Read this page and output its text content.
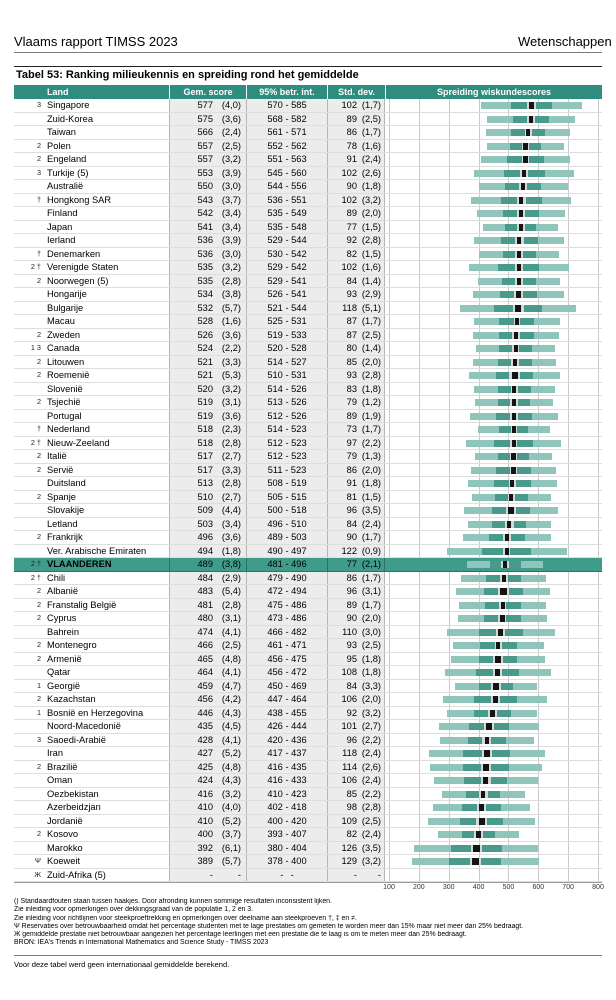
Vlaams rapport TIMSS 2023	Wetenschappen
Tabel 53: Ranking milieukennis en spreiding rond het gemiddelde
Land	Gem. score	95% betr. int.	Std. dev.	Spreiding wiskundescores
3 Singapore	577 (4,0)	570 - 585	102 (1,7)
Zuid-Korea	575 (3,6)	568 - 582	89 (2,5)
Taiwan	566 (2,4)	561 - 571	86 (1,7)
2 Polen	557 (2,5)	552 - 562	78 (1,6)
2 Engeland	557 (3,2)	551 - 563	91 (2,4)
3 Turkije (5)	553 (3,9)	545 - 560	102 (2,6)
Australië	550 (3,0)	544 - 556	90 (1,8)
† Hongkong SAR	543 (3,7)	536 - 551	102 (3,2)
Finland	542 (3,4)	535 - 549	89 (2,0)
Japan	541 (3,4)	535 - 548	77 (1,5)
Ierland	536 (3,9)	529 - 544	92 (2,8)
† Denemarken	536 (3,0)	530 - 542	82 (1,5)
2 † Verenigde Staten	535 (3,2)	529 - 542	102 (1,6)
2 Noorwegen (5)	535 (2,8)	529 - 541	84 (1,4)
Hongarije	534 (3,8)	526 - 541	93 (2,9)
Bulgarije	532 (5,7)	521 - 544	118 (5,1)
Macau	528 (1,6)	525 - 531	87 (1,7)
2 Zweden	526 (3,6)	519 - 533	87 (2,5)
1 3 Canada	524 (2,2)	520 - 528	80 (1,4)
2 Litouwen	521 (3,3)	514 - 527	85 (2,0)
2 Roemenië	521 (5,3)	510 - 531	93 (2,8)
Slovenië	520 (3,2)	514 - 526	83 (1,8)
2 Tsjechië	519 (3,1)	513 - 526	79 (1,2)
Portugal	519 (3,6)	512 - 526	89 (1,9)
† Nederland	518 (2,3)	514 - 523	73 (1,7)
2 † Nieuw-Zeeland	518 (2,8)	512 - 523	97 (2,2)
2 Italië	517 (2,7)	512 - 523	79 (1,3)
2 Servië	517 (3,3)	511 - 523	86 (2,0)
Duitsland	513 (2,8)	508 - 519	91 (1,8)
2 Spanje	510 (2,7)	505 - 515	81 (1,5)
Slovakije	509 (4,4)	500 - 518	96 (3,5)
Letland	503 (3,4)	496 - 510	84 (2,4)
2 Frankrijk	496 (3,6)	489 - 503	90 (1,7)
Ver. Arabische Emiraten	494 (1,8)	490 - 497	122 (0,9)
2 † VLAANDEREN	489 (3,8)	481 - 496	77 (2,1)
2 † Chili	484 (2,9)	479 - 490	86 (1,7)
2 Albanië	483 (5,4)	472 - 494	96 (3,1)
2 Franstalig België	481 (2,8)	475 - 486	89 (1,7)
2 Cyprus	480 (3,1)	473 - 486	90 (2,0)
Bahrein	474 (4,1)	466 - 482	110 (3,0)
2 Montenegro	466 (2,5)	461 - 471	93 (2,5)
2 Armenië	465 (4,8)	456 - 475	95 (1,8)
Qatar	464 (4,1)	456 - 472	108 (1,8)
1 Georgië	459 (4,7)	450 - 469	84 (3,3)
2 Kazachstan	456 (4,2)	447 - 464	106 (2,0)
1 Bosnië en Herzegovina	446 (4,3)	438 - 455	92 (3,2)
Noord-Macedonië	435 (4,5)	426 - 444	101 (2,7)
3 Saoedi-Arabië	428 (4,1)	420 - 436	96 (2,2)
Iran	427 (5,2)	417 - 437	118 (2,4)
2 Brazilië	425 (4,8)	416 - 435	114 (2,6)
Oman	424 (4,3)	416 - 433	106 (2,4)
Oezbekistan	416 (3,2)	410 - 423	85 (2,2)
Azerbeidzjan	410 (4,0)	402 - 418	98 (2,8)
Jordanië	410 (5,2)	400 - 420	109 (2,5)
2 Kosovo	400 (3,7)	393 - 407	82 (2,4)
Marokko	392 (6,1)	380 - 404	126 (3,5)
Ψ Koeweit	389 (5,7)	378 - 400	129 (3,2)
Ж Zuid-Afrika (5)	-	-	-  -	-	-
100	200	300	400	500	600	700	800
() Standaardfouten staan tussen haakjes. Door afronding kunnen sommige resultaten inconsistent lijken.
Zie inleiding voor opmerkingen over dekkingsgraad van de populatie 1, 2 en 3.
Zie inleiding voor richtlijnen voor steekproeftrekking en opmerkingen over deelname aan steekproeven †, ‡ en ≠.
Ψ Reservaties over betrouwbaarheid omdat het percentage studenten met te lage prestaties om gemeten te worden meer dan 15% maar niet meer dan 25% bedraagt.
Ж gemiddelde prestatie niet betrouwbaar aangezien het percentage leerlingen met een prestatie die te laag is om te meten meer dan 25% bedraagt.
BRON: IEA's Trends in International Mathematics and Science Study - TIMSS 2023
Voor deze tabel werd geen internationaal gemiddelde berekend.
